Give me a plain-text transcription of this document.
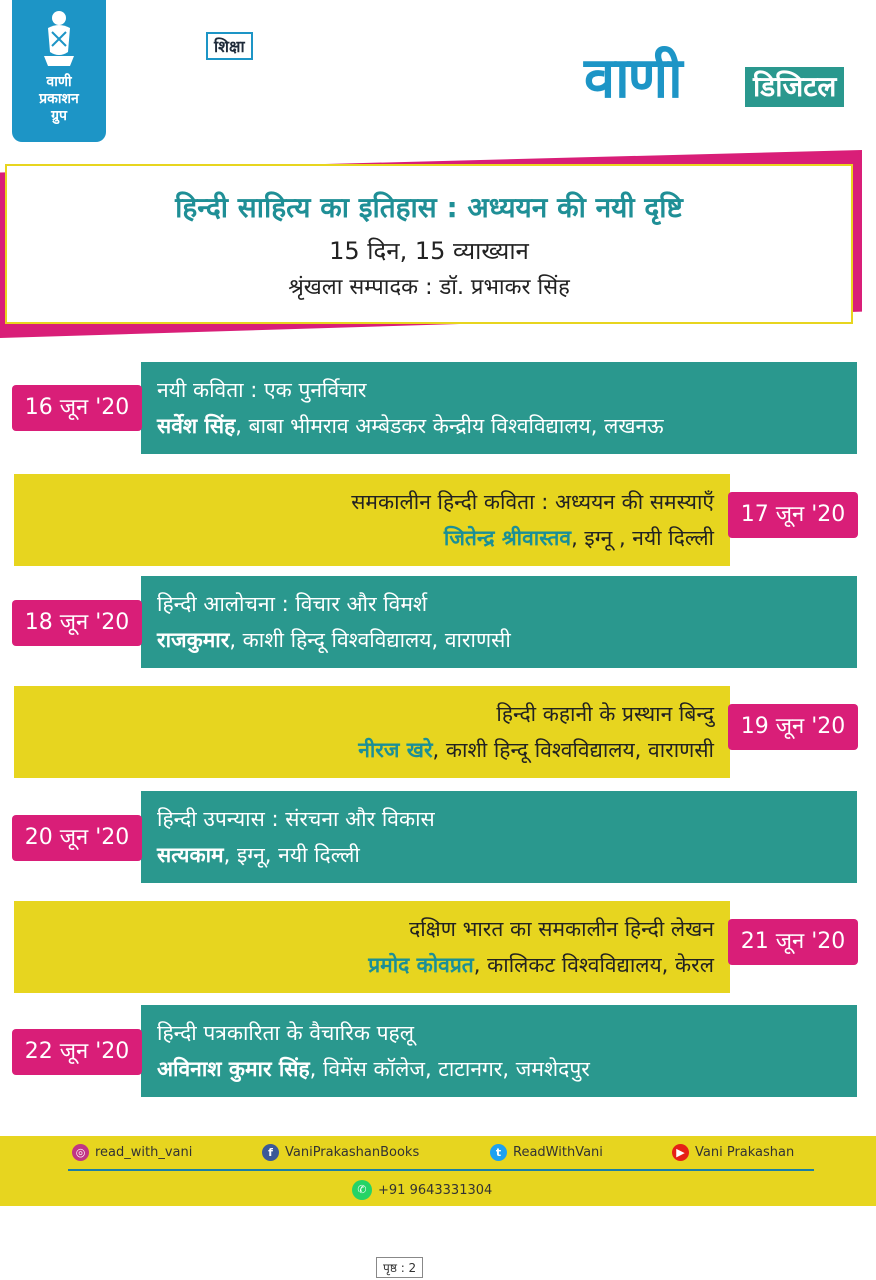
वाणी
प्रकाशन
ग्रुप
वाणी	डिजिटल
शिक्षा
हिन्दी साहित्य का इतिहास : अध्ययन की नयी दृष्टि
15 दिन, 15 व्याख्यान
श्रृंखला सम्पादक : डॉ. प्रभाकर सिंह
नयी कविता : एक पुनर्विचार
सर्वेश सिंह, बाबा भीमराव अम्बेडकर केन्द्रीय विश्वविद्यालय, लखनऊ
16 जून '20
समकालीन हिन्दी कविता : अध्ययन की समस्याएँ
जितेन्द्र श्रीवास्तव, इग्नू , नयी दिल्ली
17 जून '20
हिन्दी आलोचना : विचार और विमर्श
राजकुमार, काशी हिन्दू विश्वविद्यालय, वाराणसी
18 जून '20
हिन्दी कहानी के प्रस्थान बिन्दु
नीरज खरे, काशी हिन्दू विश्वविद्यालय, वाराणसी
19 जून '20
हिन्दी उपन्यास : संरचना और विकास
सत्यकाम, इग्नू, नयी दिल्ली
20 जून '20
दक्षिण भारत का समकालीन हिन्दी लेखन
प्रमोद कोवप्रत, कालिकट विश्वविद्यालय, केरल
21 जून '20
हिन्दी पत्रकारिता के वैचारिक पहलू
अविनाश कुमार सिंह, विमेंस कॉलेज, टाटानगर, जमशेदपुर
22 जून '20
◎ read_with_vani	f VaniPrakashanBooks	t ReadWithVani	▶ Vani Prakashan
✆ +91 9643331304
पृष्ठ : 2
